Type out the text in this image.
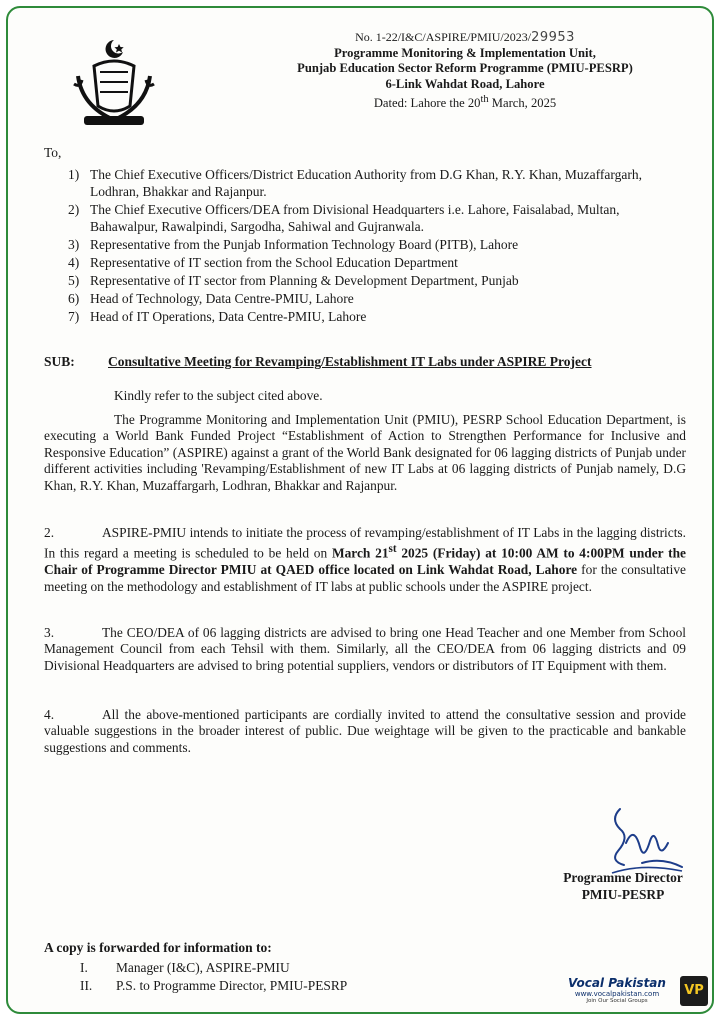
No. 1-22/I&C/ASPIRE/PMIU/2023/29953
Programme Monitoring & Implementation Unit,
Punjab Education Sector Reform Programme (PMIU-PESRP)
6-Link Wahdat Road, Lahore
Dated: Lahore the 20th March, 2025
To,
1) The Chief Executive Officers/District Education Authority from D.G Khan, R.Y. Khan, Muzaffargarh, Lodhran, Bhakkar and Rajanpur.
2) The Chief Executive Officers/DEA from Divisional Headquarters i.e. Lahore, Faisalabad, Multan, Bahawalpur, Rawalpindi, Sargodha, Sahiwal and Gujranwala.
3) Representative from the Punjab Information Technology Board (PITB), Lahore
4) Representative of IT section from the School Education Department
5) Representative of IT sector from Planning & Development Department, Punjab
6) Head of Technology, Data Centre-PMIU, Lahore
7) Head of IT Operations, Data Centre-PMIU, Lahore
SUB: Consultative Meeting for Revamping/Establishment IT Labs under ASPIRE Project
Kindly refer to the subject cited above.
The Programme Monitoring and Implementation Unit (PMIU), PESRP School Education Department, is executing a World Bank Funded Project “Establishment of Action to Strengthen Performance for Inclusive and Responsive Education” (ASPIRE) against a grant of the World Bank designated for 06 lagging districts of Punjab under different activities including 'Revamping/Establishment of new IT Labs at 06 lagging districts of Punjab namely, D.G Khan, R.Y. Khan, Muzaffargarh, Lodhran, Bhakkar and Rajanpur.
2.	ASPIRE-PMIU intends to initiate the process of revamping/establishment of IT Labs in the lagging districts. In this regard a meeting is scheduled to be held on March 21st 2025 (Friday) at 10:00 AM to 4:00PM under the Chair of Programme Director PMIU at QAED office located on Link Wahdat Road, Lahore for the consultative meeting on the methodology and establishment of IT labs at public schools under the ASPIRE project.
3.	The CEO/DEA of 06 lagging districts are advised to bring one Head Teacher and one Member from School Management Council from each Tehsil with them. Similarly, all the CEO/DEA from 06 lagging districts and 09 Divisional Headquarters are advised to bring potential suppliers, vendors or distributors of IT Equipment with them.
4.	All the above-mentioned participants are cordially invited to attend the consultative session and provide valuable suggestions in the broader interest of public. Due weightage will be given to the practicable and bankable suggestions and comments.
Programme Director
PMIU-PESRP
A copy is forwarded for information to:
I. Manager (I&C), ASPIRE-PMIU
II. P.S. to Programme Director, PMIU-PESRP	Vocal Pakistan
www.vocalpakistan.com
Join Our Social Groups
VP
